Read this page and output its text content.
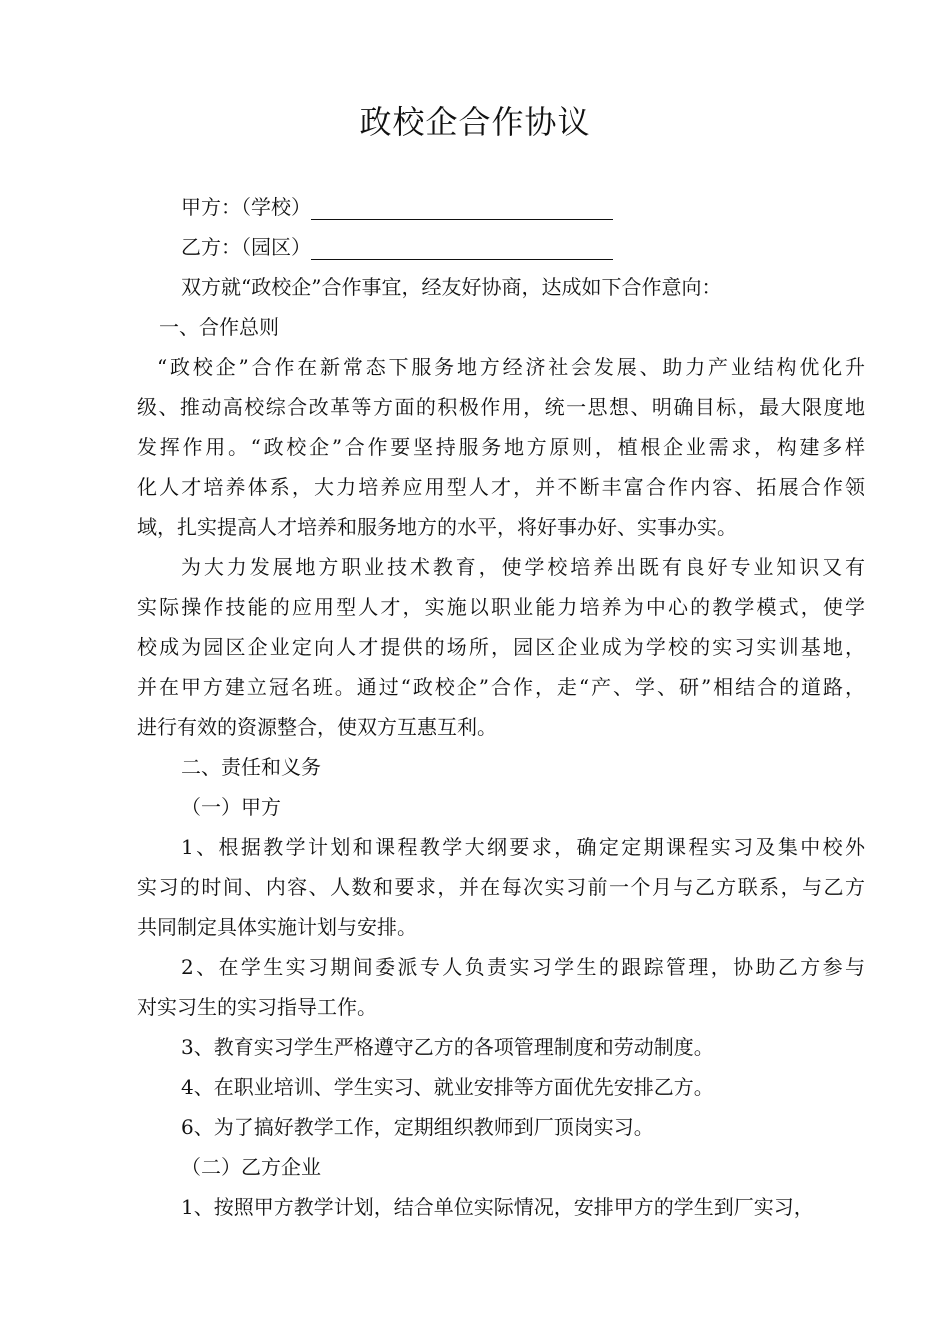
政校企合作协议
甲方：（学校）
乙方：（园区）
双方就“政校企”合作事宜，经友好协商，达成如下合作意向：
一、合作总则
“政校企”合作在新常态下服务地方经济社会发展、助力产业结构优化升
级、推动高校综合改革等方面的积极作用，统一思想、明确目标，最大限度地
发挥作用。“政校企”合作要坚持服务地方原则，植根企业需求，构建多样
化人才培养体系，大力培养应用型人才，并不断丰富合作内容、拓展合作领
域，扎实提高人才培养和服务地方的水平，将好事办好、实事办实。
为大力发展地方职业技术教育，使学校培养出既有良好专业知识又有
实际操作技能的应用型人才，实施以职业能力培养为中心的教学模式，使学
校成为园区企业定向人才提供的场所，园区企业成为学校的实习实训基地，
并在甲方建立冠名班。通过“政校企”合作，走“产、学、研”相结合的道路，
进行有效的资源整合，使双方互惠互利。
二、责任和义务
（一）甲方
1、根据教学计划和课程教学大纲要求，确定定期课程实习及集中校外
实习的时间、内容、人数和要求，并在每次实习前一个月与乙方联系，与乙方
共同制定具体实施计划与安排。
2、在学生实习期间委派专人负责实习学生的跟踪管理，协助乙方参与
对实习生的实习指导工作。
3、教育实习学生严格遵守乙方的各项管理制度和劳动制度。
4、在职业培训、学生实习、就业安排等方面优先安排乙方。
6、为了搞好教学工作，定期组织教师到厂顶岗实习。
（二）乙方企业
1、按照甲方教学计划，结合单位实际情况，安排甲方的学生到厂实习，
